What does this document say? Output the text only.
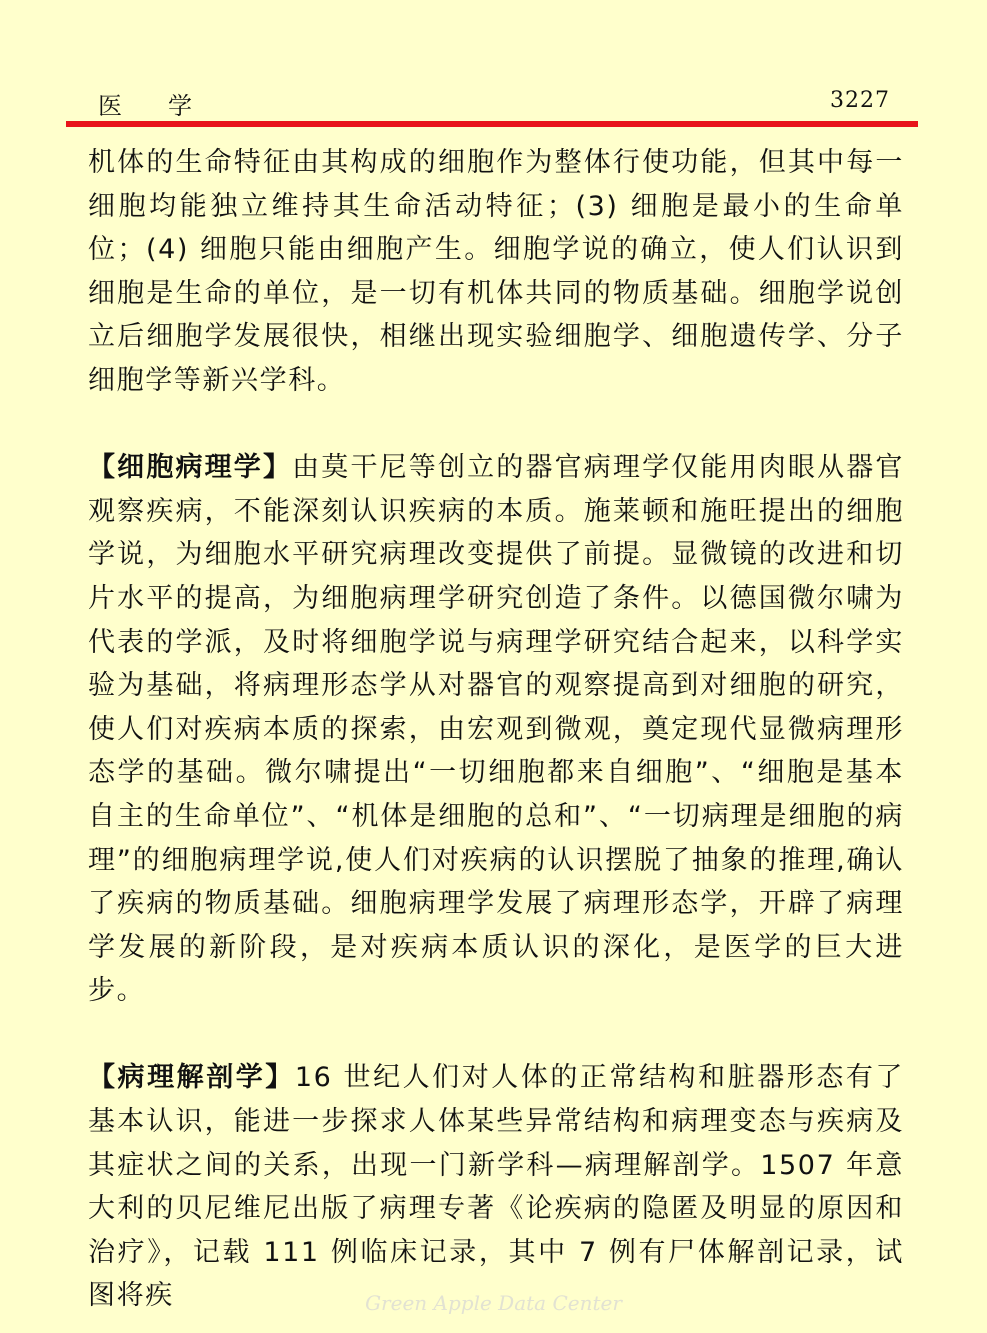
医学	3227

机体的生命特征由其构成的细胞作为整体行使功能，但其中每一细胞均能独立维持其生命活动特征；(3) 细胞是最小的生命单位；(4) 细胞只能由细胞产生。细胞学说的确立，使人们认识到细胞是生命的单位，是一切有机体共同的物质基础。细胞学说创立后细胞学发展很快，相继出现实验细胞学、细胞遗传学、分子细胞学等新兴学科。

【细胞病理学】由莫干尼等创立的器官病理学仅能用肉眼从器官观察疾病，不能深刻认识疾病的本质。施莱顿和施旺提出的细胞学说，为细胞水平研究病理改变提供了前提。显微镜的改进和切片水平的提高，为细胞病理学研究创造了条件。以德国微尔啸为代表的学派，及时将细胞学说与病理学研究结合起来，以科学实验为基础，将病理形态学从对器官的观察提高到对细胞的研究，使人们对疾病本质的探索，由宏观到微观，奠定现代显微病理形态学的基础。微尔啸提出“一切细胞都来自细胞”、“细胞是基本自主的生命单位”、“机体是细胞的总和”、“一切病理是细胞的病理”的细胞病理学说,使人们对疾病的认识摆脱了抽象的推理,确认了疾病的物质基础。细胞病理学发展了病理形态学，开辟了病理学发展的新阶段，是对疾病本质认识的深化，是医学的巨大进步。

【病理解剖学】16 世纪人们对人体的正常结构和脏器形态有了基本认识，能进一步探求人体某些异常结构和病理变态与疾病及其症状之间的关系，出现一门新学科—病理解剖学。1507 年意大利的贝尼维尼出版了病理专著《论疾病的隐匿及明显的原因和治疗》，记载 111 例临床记录，其中 7 例有尸体解剖记录，试图将疾	Green Apple Data Center
